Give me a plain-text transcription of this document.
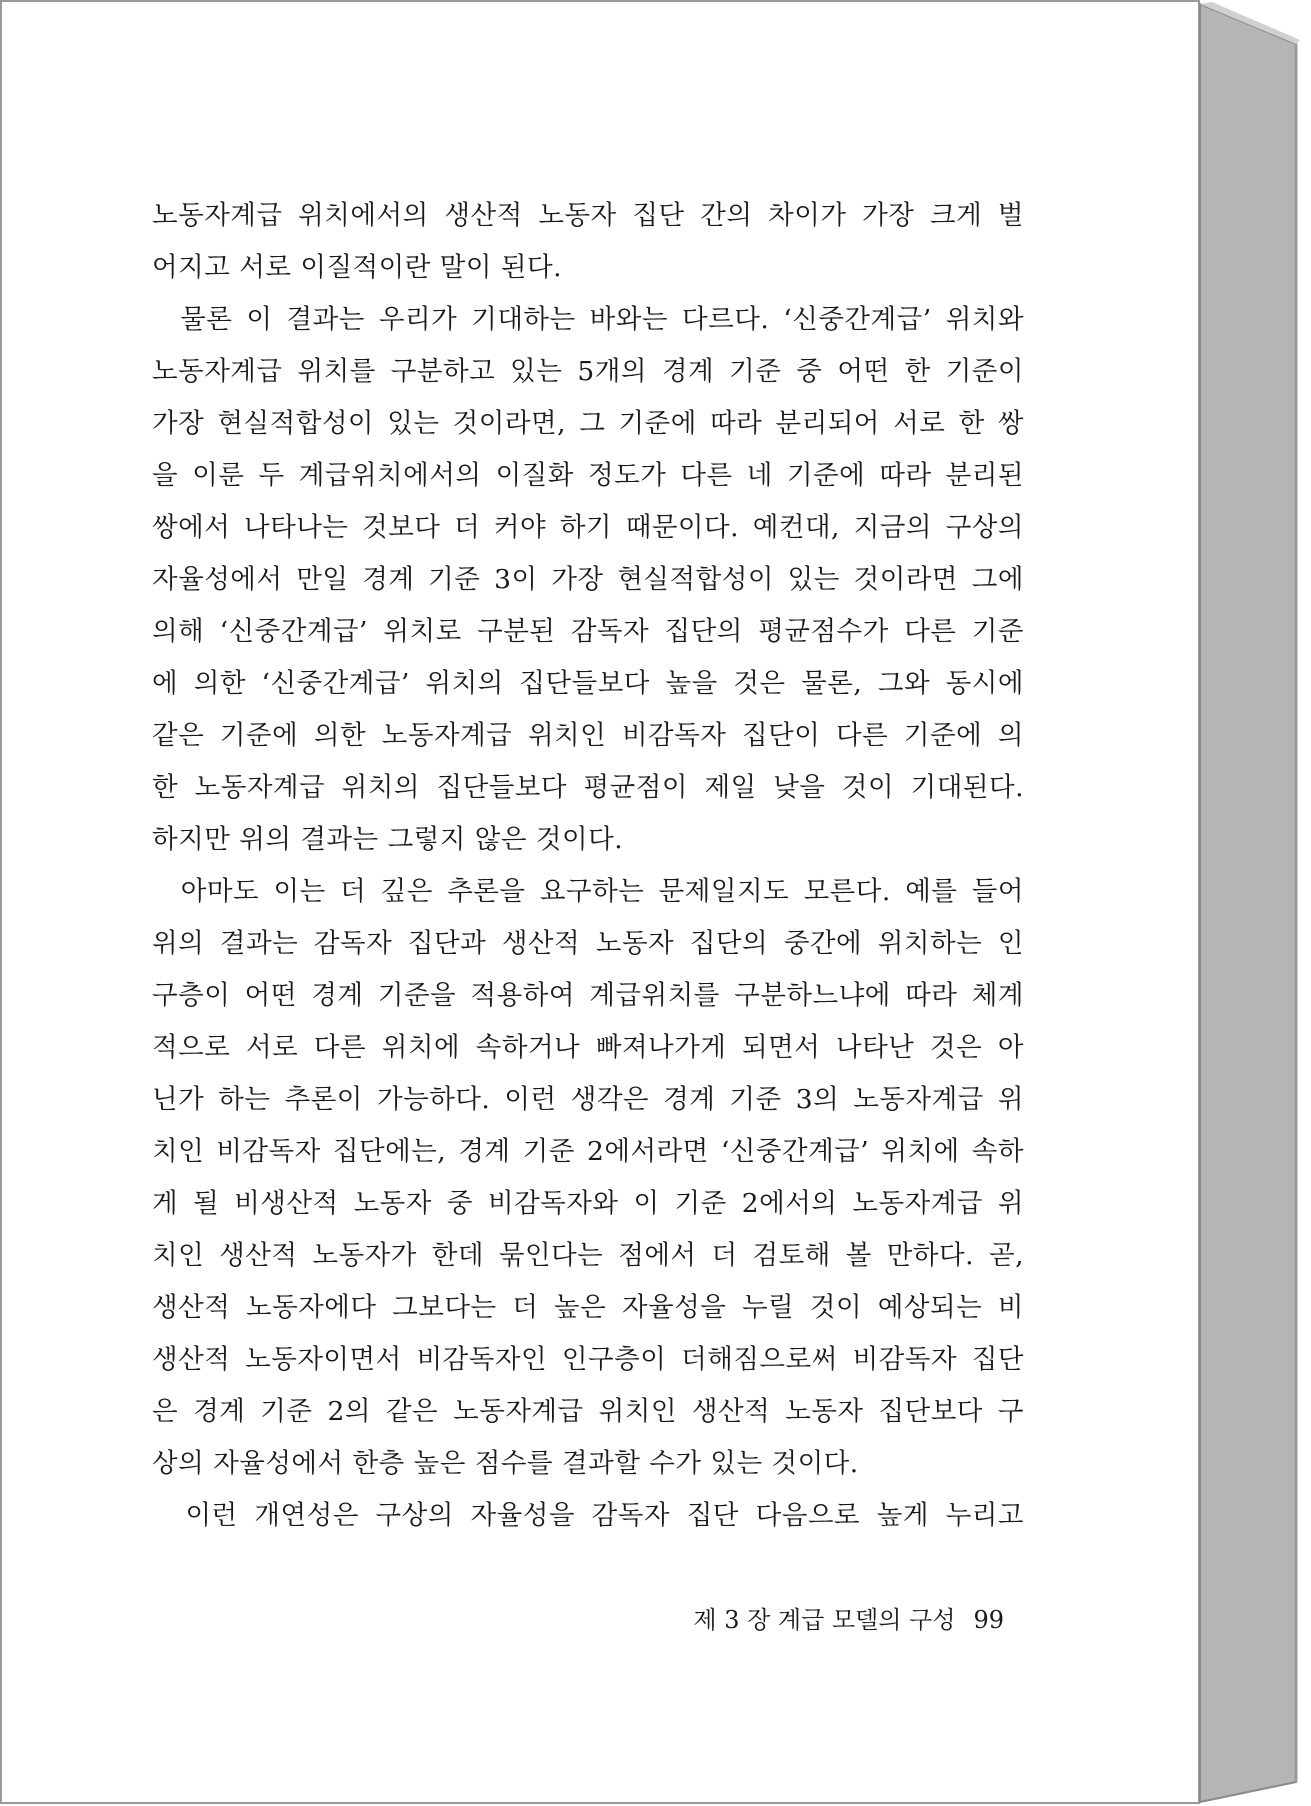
노동자계급 위치에서의 생산적 노동자 집단 간의 차이가 가장 크게 벌
어지고 서로 이질적이란 말이 된다.
물론 이 결과는 우리가 기대하는 바와는 다르다. ‘신중간계급’ 위치와
노동자계급 위치를 구분하고 있는 5개의 경계 기준 중 어떤 한 기준이
가장 현실적합성이 있는 것이라면, 그 기준에 따라 분리되어 서로 한 쌍
을 이룬 두 계급위치에서의 이질화 정도가 다른 네 기준에 따라 분리된
쌍에서 나타나는 것보다 더 커야 하기 때문이다. 예컨대, 지금의 구상의
자율성에서 만일 경계 기준 3이 가장 현실적합성이 있는 것이라면 그에
의해 ‘신중간계급’ 위치로 구분된 감독자 집단의 평균점수가 다른 기준
에 의한 ‘신중간계급’ 위치의 집단들보다 높을 것은 물론, 그와 동시에
같은 기준에 의한 노동자계급 위치인 비감독자 집단이 다른 기준에 의
한 노동자계급 위치의 집단들보다 평균점이 제일 낮을 것이 기대된다.
하지만 위의 결과는 그렇지 않은 것이다.
아마도 이는 더 깊은 추론을 요구하는 문제일지도 모른다. 예를 들어
위의 결과는 감독자 집단과 생산적 노동자 집단의 중간에 위치하는 인
구층이 어떤 경계 기준을 적용하여 계급위치를 구분하느냐에 따라 체계
적으로 서로 다른 위치에 속하거나 빠져나가게 되면서 나타난 것은 아
닌가 하는 추론이 가능하다. 이런 생각은 경계 기준 3의 노동자계급 위
치인 비감독자 집단에는, 경계 기준 2에서라면 ‘신중간계급’ 위치에 속하
게 될 비생산적 노동자 중 비감독자와 이 기준 2에서의 노동자계급 위
치인 생산적 노동자가 한데 묶인다는 점에서 더 검토해 볼 만하다. 곧,
생산적 노동자에다 그보다는 더 높은 자율성을 누릴 것이 예상되는 비
생산적 노동자이면서 비감독자인 인구층이 더해짐으로써 비감독자 집단
은 경계 기준 2의 같은 노동자계급 위치인 생산적 노동자 집단보다 구
상의 자율성에서 한층 높은 점수를 결과할 수가 있는 것이다.
이런 개연성은 구상의 자율성을 감독자 집단 다음으로 높게 누리고
제 3 장 계급 모델의 구성 99
